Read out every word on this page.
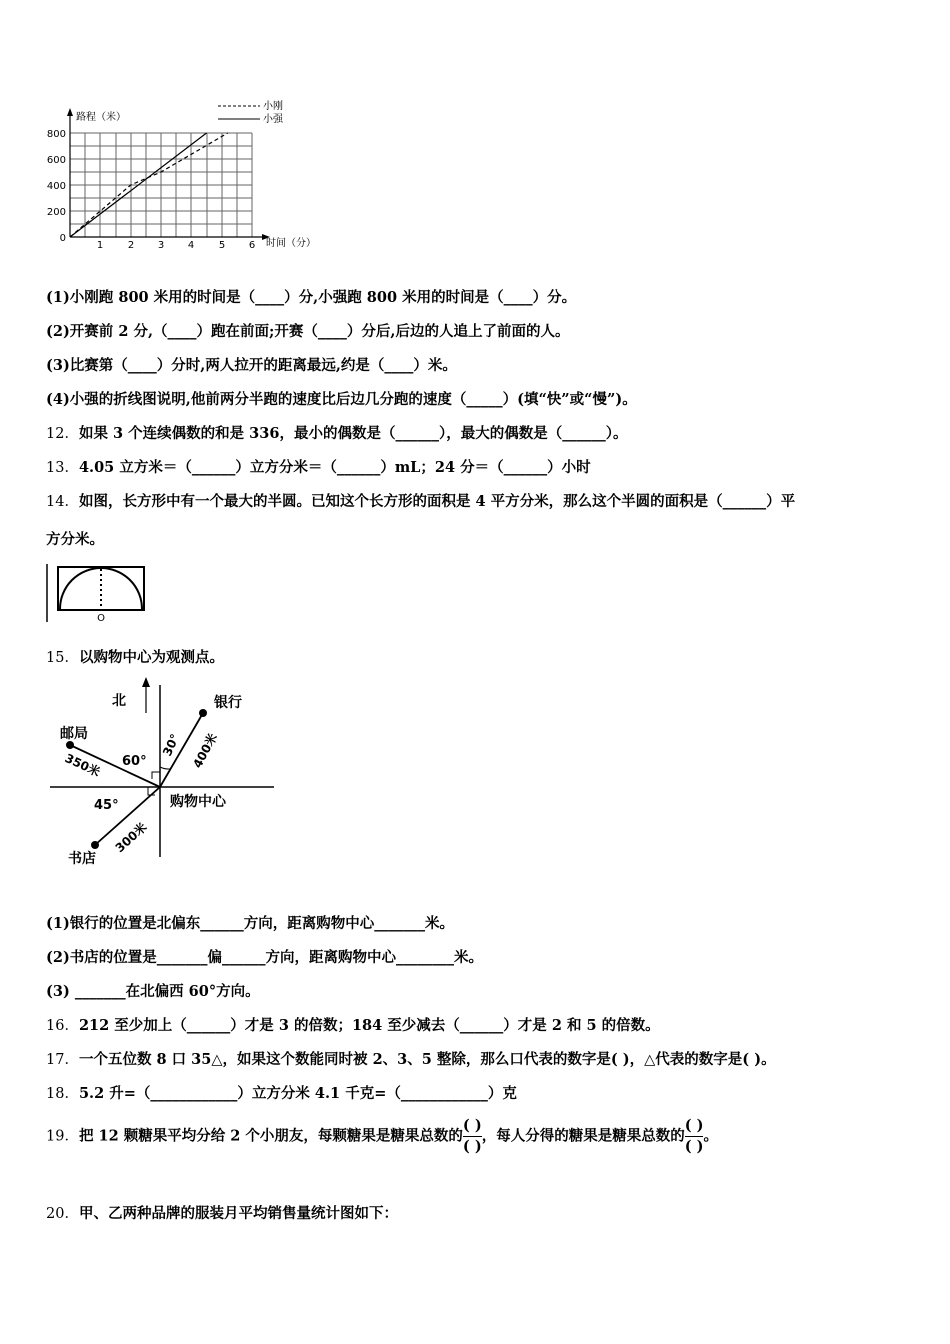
路程（米）
时间（分）
800
600
400
200
0
1 2 3 4 5 6
小刚
小强
(1)小刚跑 800 米用的时间是（____）分,小强跑 800 米用的时间是（____）分。
(2)开赛前 2 分,（____）跑在前面;开赛（____）分后,后边的人追上了前面的人。
(3)比赛第（____）分时,两人拉开的距离最远,约是（____）米。
(4)小强的折线图说明,他前两分半跑的速度比后边几分跑的速度（_____）(填“快”或“慢”)。
12．如果 3 个连续偶数的和是 336，最小的偶数是（______），最大的偶数是（______）。
13．4.05 立方米＝（______）立方分米＝（______）mL；24 分＝（______）小时
14．如图，长方形中有一个最大的半圆。已知这个长方形的面积是 4 平方分米，那么这个半圆的面积是（______）平
方分米。
O
15．以购物中心为观测点。
北	银行
邮局
书店
购物中心
60°
30°
45°
400米
350米
300米
(1)银行的位置是北偏东______方向，距离购物中心_______米。
(2)书店的位置是_______偏______方向，距离购物中心________米。
(3) _______在北偏西 60°方向。
16．212 至少加上（______）才是 3 的倍数；184 至少减去（______）才是 2 和 5 的倍数。
17．一个五位数 8 口 35△，如果这个数能同时被 2、3、5 整除，那么口代表的数字是( )，△代表的数字是( )。
18．5.2 升=（____________）立方分米 4.1 千克=（____________）克
19．把 12 颗糖果平均分给 2 个小朋友，每颗糖果是糖果总数的 $\frac{( )}{( )}$ ，每人分得的糖果是糖果总数的 $\frac{( )}{( )}$ 。
20．甲、乙两种品牌的服装月平均销售量统计图如下：
